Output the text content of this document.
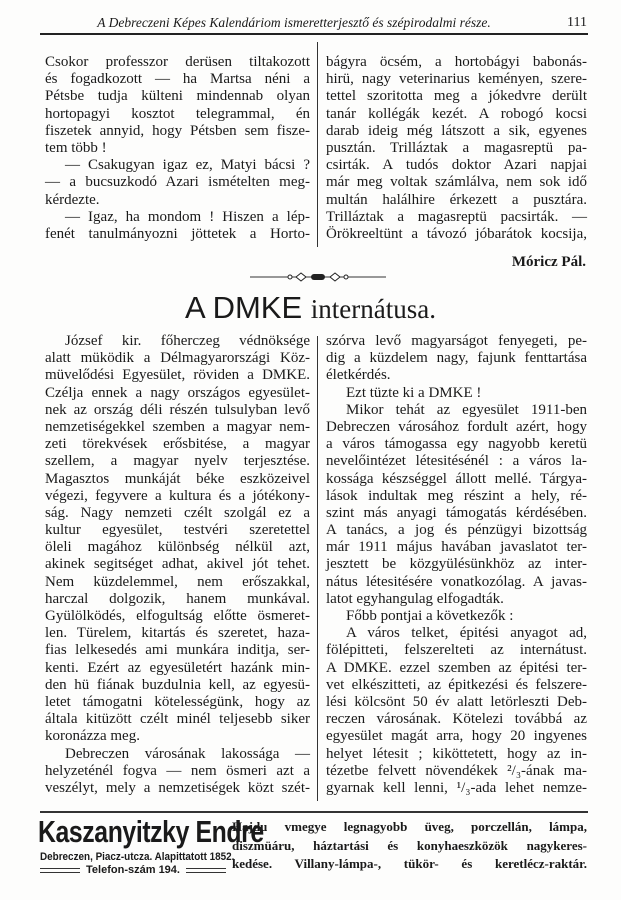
A Debreczeni Képes Kalendáriom ismeretterjesztő és szépirodalmi része.	111
Csokor professzor derüsen tiltakozott
és fogadkozott — ha Martsa néni a
Pétsbe tudja külteni mindennab olyan
hortopagyi kosztot telegrammal, én
fiszetek annyid, hogy Pétsben sem fisze-
tem több !
— Csakugyan igaz ez, Matyi bácsi ?
— a bucsuzkodó Azari ismételten meg-
kérdezte.
— Igaz, ha mondom ! Hiszen a lép-
fenét tanulmányozni jöttetek a Horto-
bágyra öcsém, a hortobágyi babonás-
hirü, nagy veterinarius keményen, szere-
tettel szoritotta meg a jókedvre derült
tanár kollégák kezét. A robogó kocsi
darab ideig még látszott a sik, egyenes
pusztán. Trilláztak a magasreptü pa-
csirták. A tudós doktor Azari napjai
már meg voltak számlálva, nem sok idő
multán halálhire érkezett a pusztára.
Trilláztak a magasreptü pacsirták. —
Örökreeltünt a távozó jóbarátok kocsija,
Móricz Pál.
A DMKE internátusa.
József kir. főherczeg védnöksége
alatt müködik a Délmagyarországi Köz-
müvelődési Egyesület, röviden a DMKE.
Czélja ennek a nagy országos egyesület-
nek az ország déli részén tulsulyban levő
nemzetiségekkel szemben a magyar nem-
zeti törekvések erősbitése, a magyar
szellem, a magyar nyelv terjesztése.
Magasztos munkáját béke eszközeivel
végezi, fegyvere a kultura és a jótékony-
ság. Nagy nemzeti czélt szolgál ez a
kultur egyesület, testvéri szeretettel
öleli magához különbség nélkül azt,
akinek segitséget adhat, akivel jót tehet.
Nem küzdelemmel, nem erőszakkal,
harczal dolgozik, hanem munkával.
Gyülölködés, elfogultság előtte ösmeret-
len. Türelem, kitartás és szeretet, haza-
fias lelkesedés ami munkára inditja, ser-
kenti. Ezért az egyesületért hazánk min-
den hü fiának buzdulnia kell, az egyesü-
letet támogatni kötelességünk, hogy az
általa kitüzött czélt minél teljesebb siker
koronázza meg.
Debreczen városának lakossága —
helyzeténél fogva — nem ösmeri azt a
veszélyt, mely a nemzetiségek közt szét-
szórva levő magyarságot fenyegeti, pe-
dig a küzdelem nagy, fajunk fenttartása
életkérdés.
Ezt tüzte ki a DMKE !
Mikor tehát az egyesület 1911-ben
Debreczen városához fordult azért, hogy
a város támogassa egy nagyobb keretü
nevelőintézet létesitésénél : a város la-
kossága készséggel állott mellé. Tárgya-
lások indultak meg részint a hely, ré-
szint más anyagi támogatás kérdésében.
A tanács, a jog és pénzügyi bizottság
már 1911 május havában javaslatot ter-
jesztett be közgyülésünkhöz az inter-
nátus létesitésére vonatkozólag. A javas-
latot egyhangulag elfogadták.
Főbb pontjai a következők :
A város telket, épitési anyagot ad,
fölépitteti, felszerelteti az internátust.
A DMKE. ezzel szemben az épitési ter-
vet elkészitteti, az épitkezési és felszere-
lési kölcsönt 50 év alatt letörleszti Deb-
reczen városának. Kötelezi továbbá az
egyesület magát arra, hogy 20 ingyenes
helyet létesit ; kiköttetett, hogy az in-
tézetbe felvett növendékek ²/₃-ának ma-
gyarnak kell lenni, ¹/₃-ada lehet nemze-
Kaszanyitzky Endre
Debreczen, Piacz-utcza. Alapittatott 1852.
Telefon-szám 194.
Hajdu vmegye legnagyobb üveg, porczellán, lámpa,
diszmüáru, háztartási és konyhaeszközök nagykeres-
kedése. Villany-lámpa-, tükör- és keretlécz-raktár.
